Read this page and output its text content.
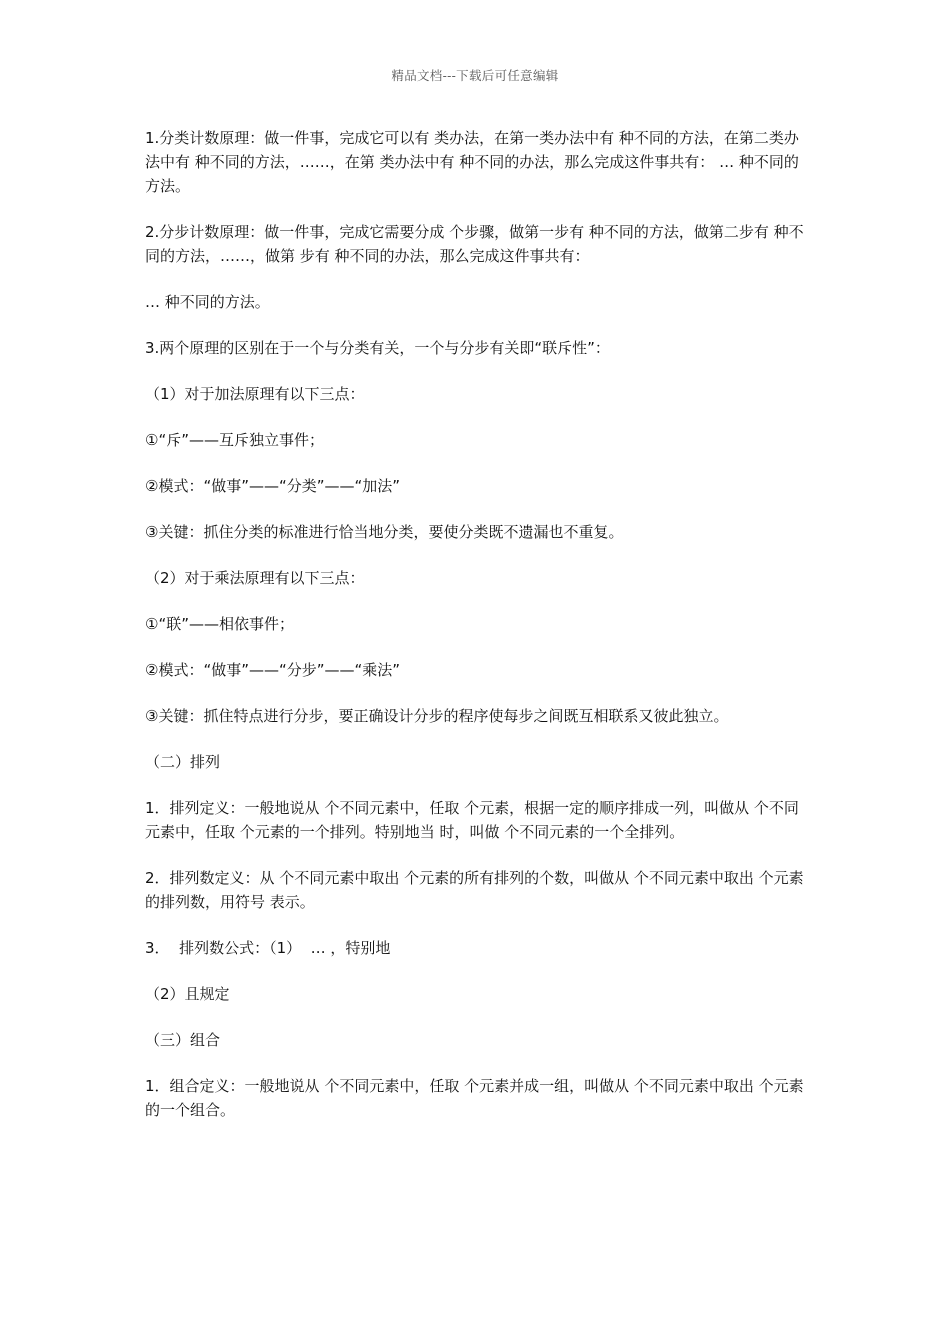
精品文档---下载后可任意编辑

1.分类计数原理：做一件事，完成它可以有 类办法，在第一类办法中有 种不同的方法，在第二类办法中有 种不同的方法，……，在第 类办法中有 种不同的办法，那么完成这件事共有： … 种不同的方法。

2.分步计数原理：做一件事，完成它需要分成 个步骤，做第一步有 种不同的方法，做第二步有 种不同的方法，……，做第 步有 种不同的办法，那么完成这件事共有：

… 种不同的方法。

3.两个原理的区别在于一个与分类有关，一个与分步有关即“联斥性”：

（1）对于加法原理有以下三点：

①“斥”——互斥独立事件；

②模式：“做事”——“分类”——“加法”

③关键：抓住分类的标准进行恰当地分类，要使分类既不遗漏也不重复。

（2）对于乘法原理有以下三点：

①“联”——相依事件；

②模式：“做事”——“分步”——“乘法”

③关键：抓住特点进行分步，要正确设计分步的程序使每步之间既互相联系又彼此独立。

（二）排列

1．排列定义：一般地说从 个不同元素中，任取 个元素，根据一定的顺序排成一列，叫做从 个不同元素中，任取 个元素的一个排列。特别地当 时，叫做 个不同元素的一个全排列。

2．排列数定义：从 个不同元素中取出 个元素的所有排列的个数，叫做从 个不同元素中取出 个元素的排列数，用符号 表示。

3．  排列数公式：（1）  … ，特别地

（2）且规定

（三）组合

1．组合定义：一般地说从 个不同元素中，任取 个元素并成一组，叫做从 个不同元素中取出 个元素的一个组合。
